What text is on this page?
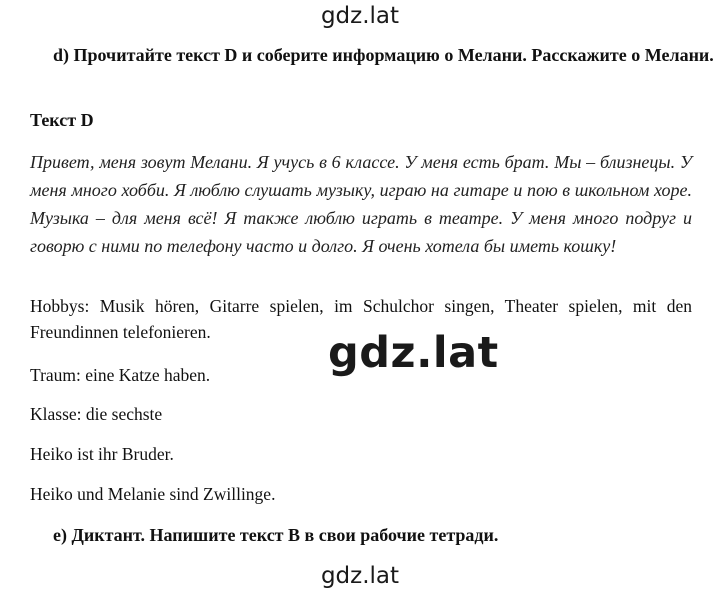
gdz.lat
d) Прочитайте текст D и соберите информацию о Мелани. Расскажите о Мелани.
Текст D
Привет, меня зовут Мелани. Я учусь в 6 классе. У меня есть брат. Мы – близнецы. У меня много хобби. Я люблю слушать музыку, играю на гитаре и пою в школьном хоре. Музыка – для меня всё! Я также люблю играть в театре. У меня много подруг и говорю с ними по телефону часто и долго. Я очень хотела бы иметь кошку!
Hobbys: Musik hören, Gitarre spielen, im Schulchor singen, Theater spielen, mit den Freundinnen telefonieren.	gdz.lat
Traum: eine Katze haben.
Klasse: die sechste
Heiko ist ihr Bruder.
Heiko und Melanie sind Zwillinge.
e) Диктант. Напишите текст B в свои рабочие тетради.
gdz.lat
